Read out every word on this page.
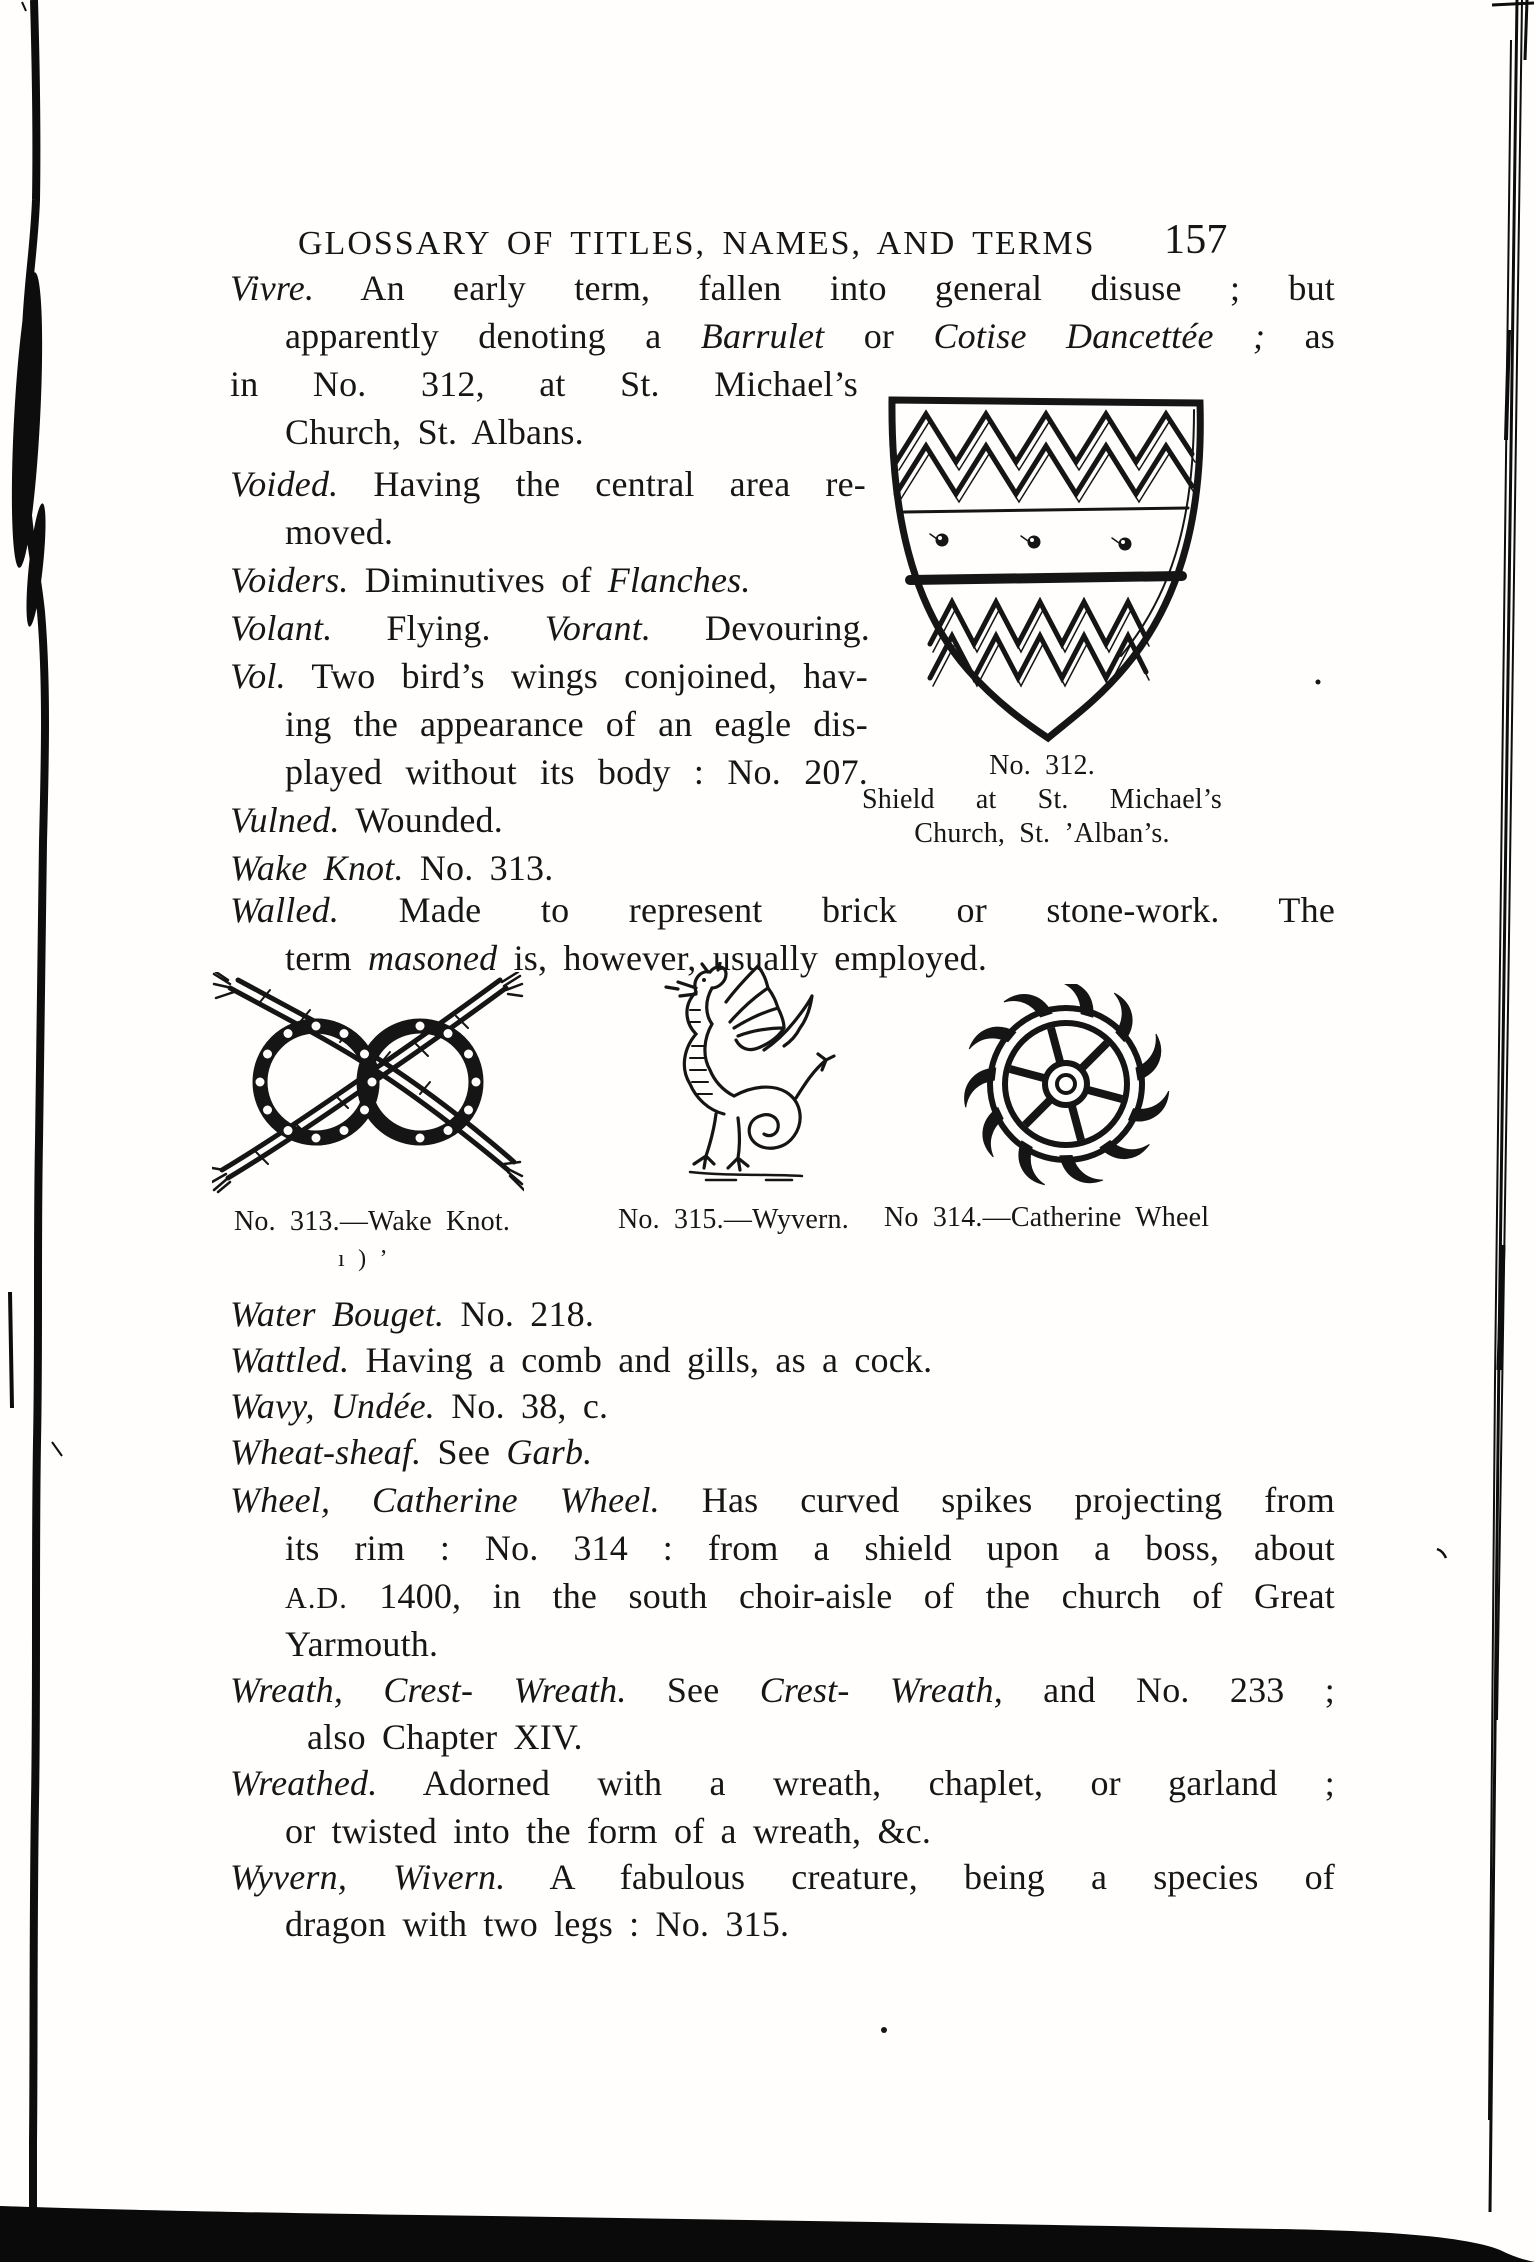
GLOSSARY OF TITLES, NAMES, AND TERMS 157
Vivre. An early term, fallen into general disuse ; but
apparently denoting a Barrulet or Cotise Dancettée ; as
in No. 312, at St. Michael’s
Church, St. Albans.
Voided. Having the central area re-
moved.
Voiders. Diminutives of Flanches.
Volant. Flying. Vorant. Devouring.
Vol. Two bird’s wings conjoined, hav-
ing the appearance of an eagle dis-
played without its body : No. 207.
Vulned. Wounded.
Wake Knot. No. 313.
Walled. Made to represent brick or stone-work. The
term masoned is, however, usually employed.
No. 312.
Shield at St. Michael’s
Church, St. ʼAlban’s.
No. 313.—Wake Knot.	No. 315.—Wyvern. No 314.—Catherine Wheel
ı ) ʼ
Water Bouget. No. 218.
Wattled. Having a comb and gills, as a cock.
Wavy, Undée. No. 38, c.
Wheat-sheaf. See Garb.
Wheel, Catherine Wheel. Has curved spikes projecting from
its rim : No. 314 : from a shield upon a boss, about
A.D. 1400, in the south choir-aisle of the church of Great
Yarmouth.
Wreath, Crest- Wreath. See Crest- Wreath, and No. 233 ;
also Chapter XIV.
Wreathed. Adorned with a wreath, chaplet, or garland ;
or twisted into the form of a wreath, &c.
Wyvern, Wivern. A fabulous creature, being a species of
dragon with two legs : No. 315.
